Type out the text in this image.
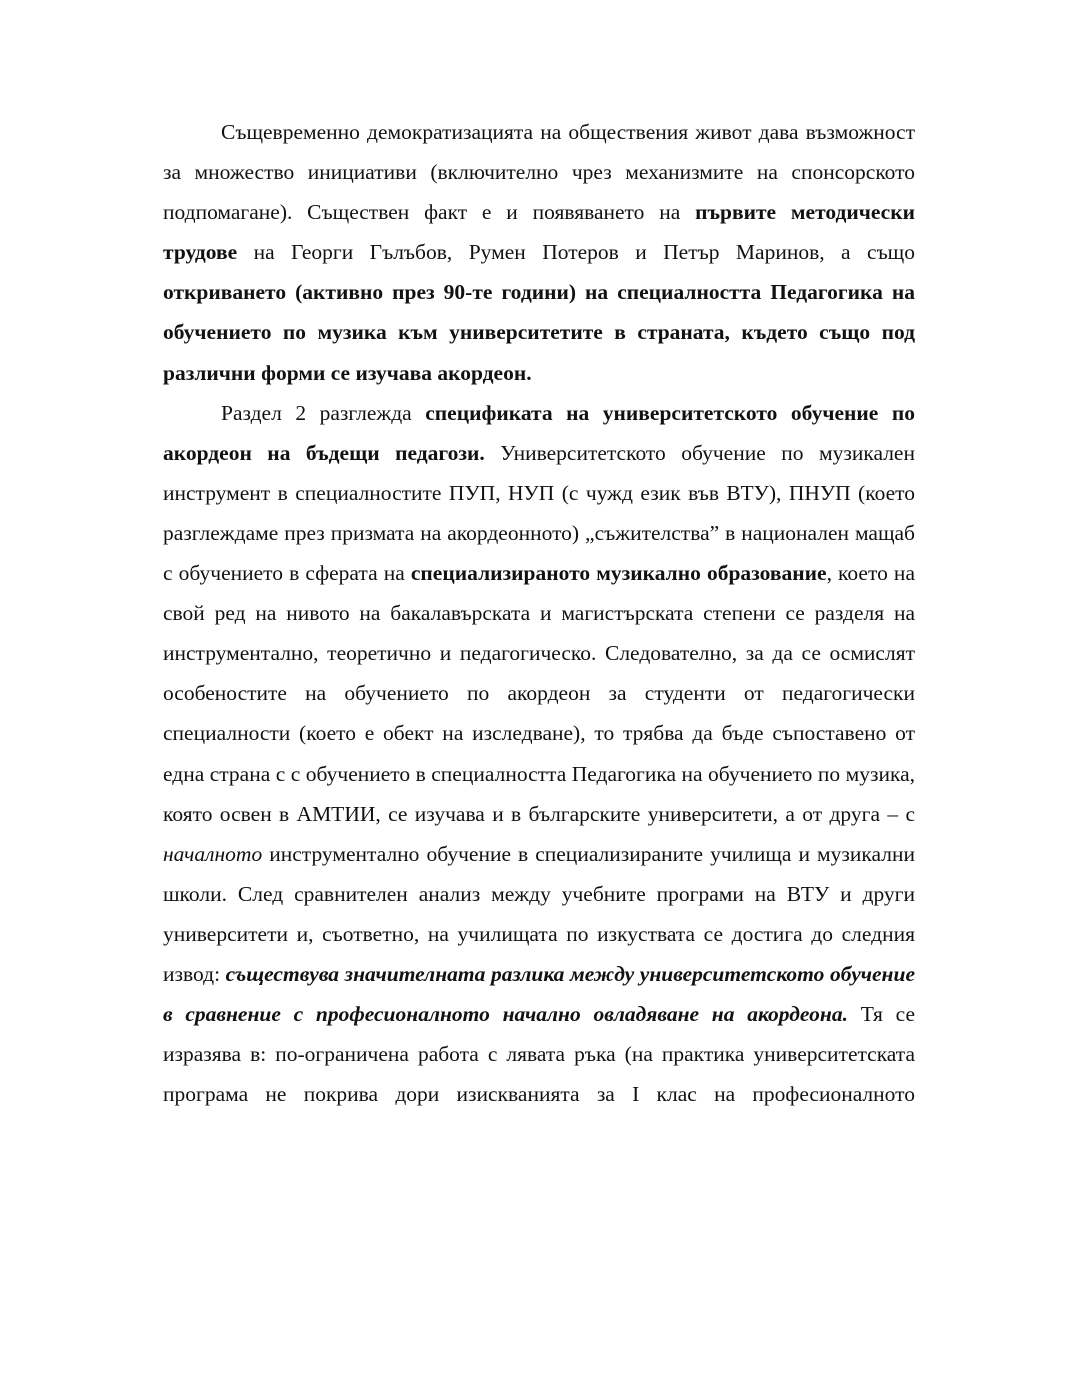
Същевременно демократизацията на обществения живот дава възможност за множество инициативи (включително чрез механизмите на спонсорското подпомагане). Съществен факт е и появяването на първите методически трудове на Георги Гълъбов, Румен Потеров и Петър Маринов, а също откриването (активно през 90-те години) на специалността Педагогика на обучението по музика към университетите в страната, където също под различни форми се изучава акордеон.

Раздел 2 разглежда спецификата на университетското обучение по акордеон на бъдещи педагози. Университетското обучение по музикален инструмент в специалностите ПУП, НУП (с чужд език във ВТУ), ПНУП (което разглеждаме през призмата на акордеонното) „съжителства” в национален мащаб с обучението в сферата на специализираното музикално образование, което на свой ред на нивото на бакалавърската и магистърската степени се разделя на инструментално, теоретично и педагогическо. Следователно, за да се осмислят особеностите на обучението по акордеон за студенти от педагогически специалности (което е обект на изследване), то трябва да бъде съпоставено от една страна с с обучението в специалността Педагогика на обучението по музика, която освен в АМТИИ, се изучава и в българските университети, а от друга – с началното инструментално обучение в специализираните училища и музикални школи. След сравнителен анализ между учебните програми на ВТУ и други университети и, съответно, на училищата по изкуствата се достига до следния извод: съществува значителната разлика между университетското обучение в сравнение с професионалното начално овладяване на акордеона. Тя се изразява в: по-ограничена работа с лявата ръка (на практика университетската програма не покрива дори изискванията за I клас на професионалното
